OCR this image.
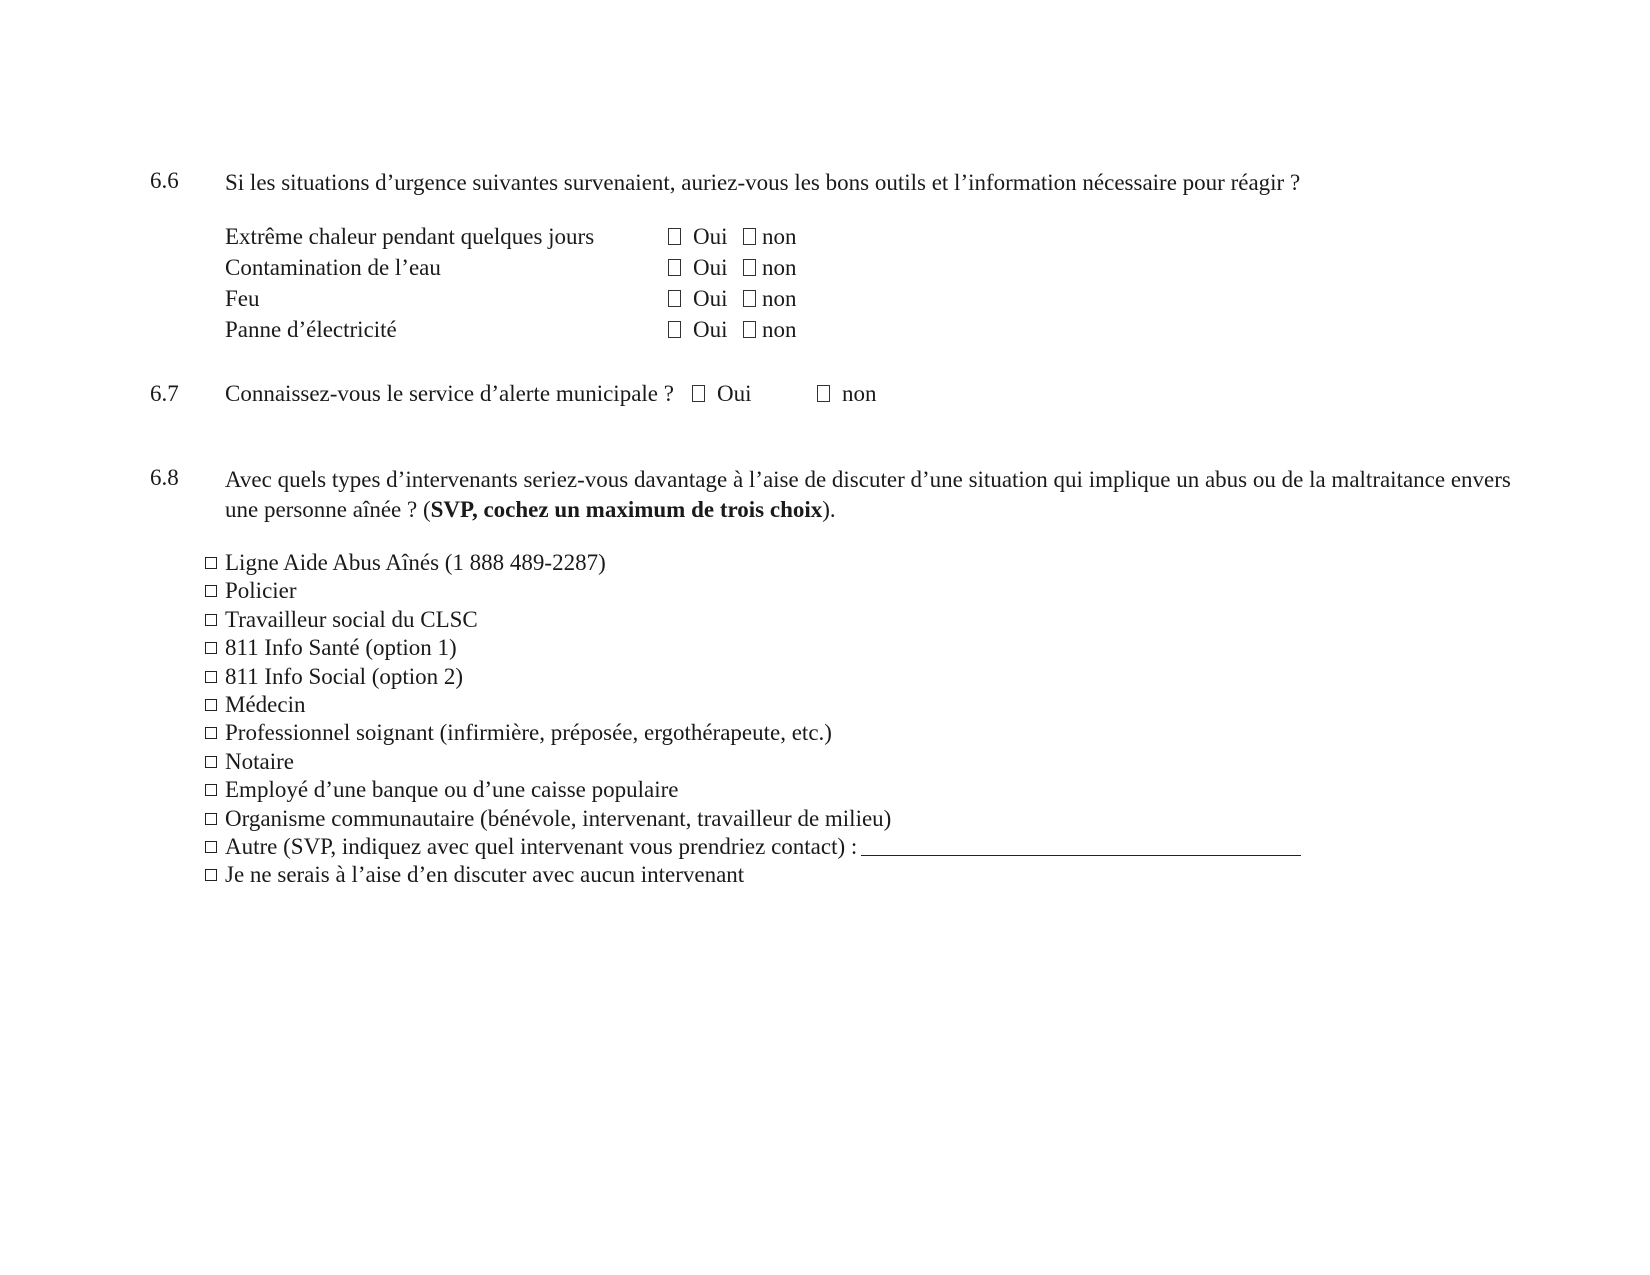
6.6	Si les situations d’urgence suivantes survenaient, auriez-vous les bons outils et l’information nécessaire pour réagir ?
Extrême chaleur pendant quelques jours	Oui	non
Contamination de l’eau	Oui	non
Feu	Oui	non
Panne d’électricité	Oui	non
6.7	Connaissez-vous le service d’alerte municipale ?	Oui	non
6.8	Avec quels types d’intervenants seriez-vous davantage à l’aise de discuter d’une situation qui implique un abus ou de la maltraitance envers une personne aînée ? (SVP, cochez un maximum de trois choix).
Ligne Aide Abus Aînés (1 888 489-2287)
Policier
Travailleur social du CLSC
811 Info Santé (option 1)
811 Info Social (option 2)
Médecin
Professionnel soignant (infirmière, préposée, ergothérapeute, etc.)
Notaire
Employé d’une banque ou d’une caisse populaire
Organisme communautaire (bénévole, intervenant, travailleur de milieu)
Autre (SVP, indiquez avec quel intervenant vous prendriez contact) :
Je ne serais à l’aise d’en discuter avec aucun intervenant
